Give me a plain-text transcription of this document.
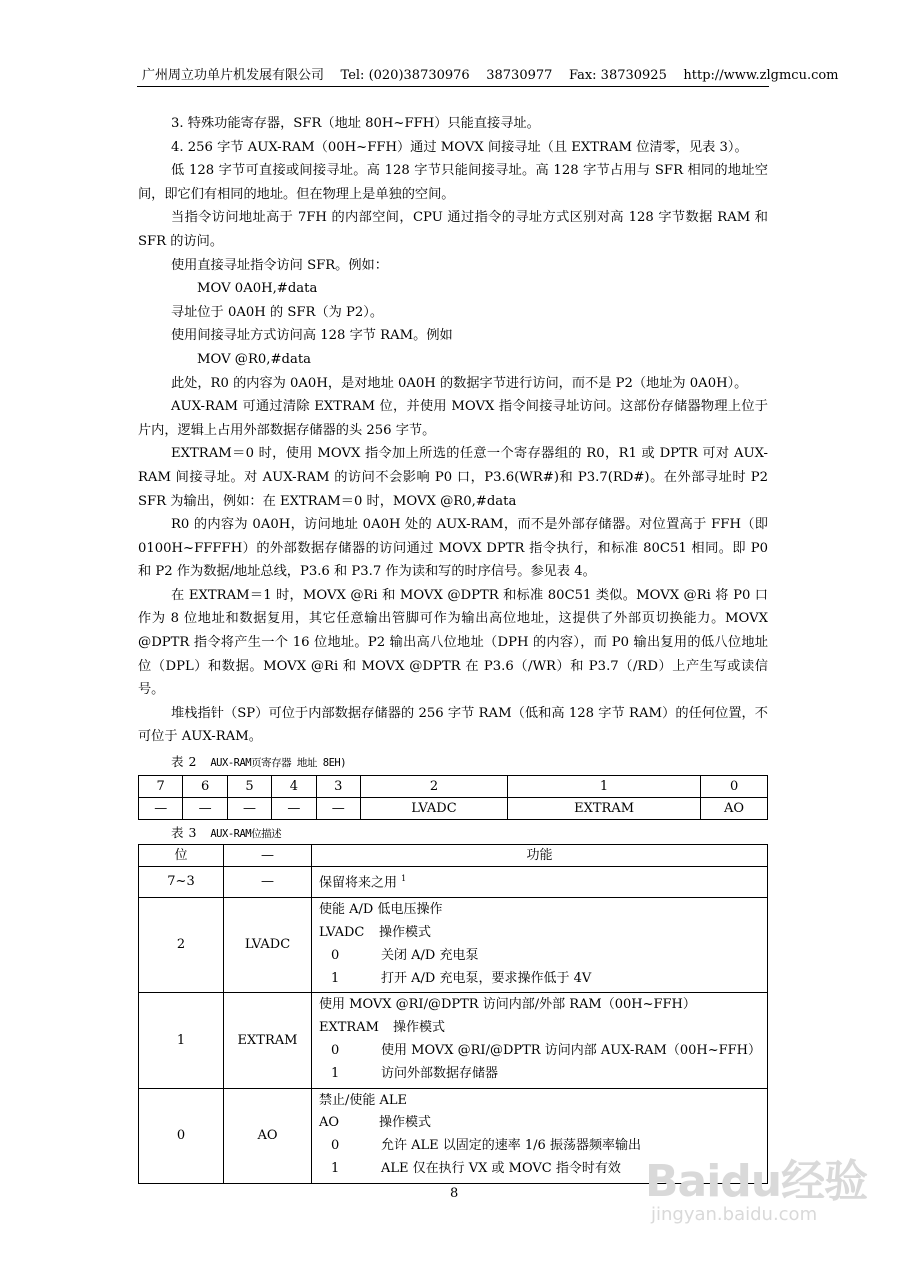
广州周立功单片机发展有限公司 Tel: (020)38730976 38730977 Fax: 38730925 http://www.zlgmcu.com

3. 特殊功能寄存器，SFR（地址 80H~FFH）只能直接寻址。

4. 256 字节 AUX-RAM（00H~FFH）通过 MOVX 间接寻址（且 EXTRAM 位清零，见表 3）。

低 128 字节可直接或间接寻址。高 128 字节只能间接寻址。高 128 字节占用与 SFR 相同的地址空间，即它们有相同的地址。但在物理上是单独的空间。

当指令访问地址高于 7FH 的内部空间，CPU 通过指令的寻址方式区别对高 128 字节数据 RAM 和 SFR 的访问。

使用直接寻址指令访问 SFR。例如：

MOV 0A0H,#data

寻址位于 0A0H 的 SFR（为 P2）。

使用间接寻址方式访问高 128 字节 RAM。例如

MOV @R0,#data

此处，R0 的内容为 0A0H，是对地址 0A0H 的数据字节进行访问，而不是 P2（地址为 0A0H）。

AUX-RAM 可通过清除 EXTRAM 位，并使用 MOVX 指令间接寻址访问。这部份存储器物理上位于片内，逻辑上占用外部数据存储器的头 256 字节。

EXTRAM＝0 时，使用 MOVX 指令加上所选的任意一个寄存器组的 R0，R1 或 DPTR 可对 AUX-RAM 间接寻址。对 AUX-RAM 的访问不会影响 P0 口，P3.6(WR#)和 P3.7(RD#)。在外部寻址时 P2 SFR 为输出，例如：在 EXTRAM＝0 时，MOVX @R0,#data

R0 的内容为 0A0H，访问地址 0A0H 处的 AUX-RAM，而不是外部存储器。对位置高于 FFH（即 0100H~FFFFH）的外部数据存储器的访问通过 MOVX DPTR 指令执行，和标准 80C51 相同。即 P0 和 P2 作为数据/地址总线，P3.6 和 P3.7 作为读和写的时序信号。参见表 4。

在 EXTRAM＝1 时，MOVX @Ri 和 MOVX @DPTR 和标准 80C51 类似。MOVX @Ri 将 P0 口作为 8 位地址和数据复用，其它任意输出管脚可作为输出高位地址，这提供了外部页切换能力。MOVX @DPTR 指令将产生一个 16 位地址。P2 输出高八位地址（DPH 的内容），而 P0 输出复用的低八位地址位（DPL）和数据。MOVX @Ri 和 MOVX @DPTR 在 P3.6（/WR）和 P3.7（/RD）上产生写或读信号。

堆栈指针（SP）可位于内部数据存储器的 256 字节 RAM（低和高 128 字节 RAM）的任何位置，不可位于 AUX-RAM。

表 2 AUX-RAM页寄存器 地址 8EH)
7	6	5	4	3	2	1	0
—	—	—	—	—	LVADC	EXTRAM	AO
表 3 AUX-RAM位描述
位	—	功能
7~3	—	保留将来之用 $^1$
2	LVADC	使能 A/D 低电压操作
LVADC 操作模式
0 关闭 A/D 充电泵
1 打开 A/D 充电泵，要求操作低于 4V

1	EXTRAM	使用 MOVX @RI/@DPTR 访问内部/外部 RAM（00H~FFH）
EXTRAM 操作模式
0 使用 MOVX @RI/@DPTR 访问内部 AUX-RAM（00H~FFH）
1 访问外部数据存储器

0	AO	禁止/使能 ALE
AO 操作模式
0 允许 ALE 以固定的速率 1/6 振荡器频率输出
1 ALE 仅在执行 VX 或 MOVC 指令时有效
8	Baidu经验
jingyan.baidu.com
